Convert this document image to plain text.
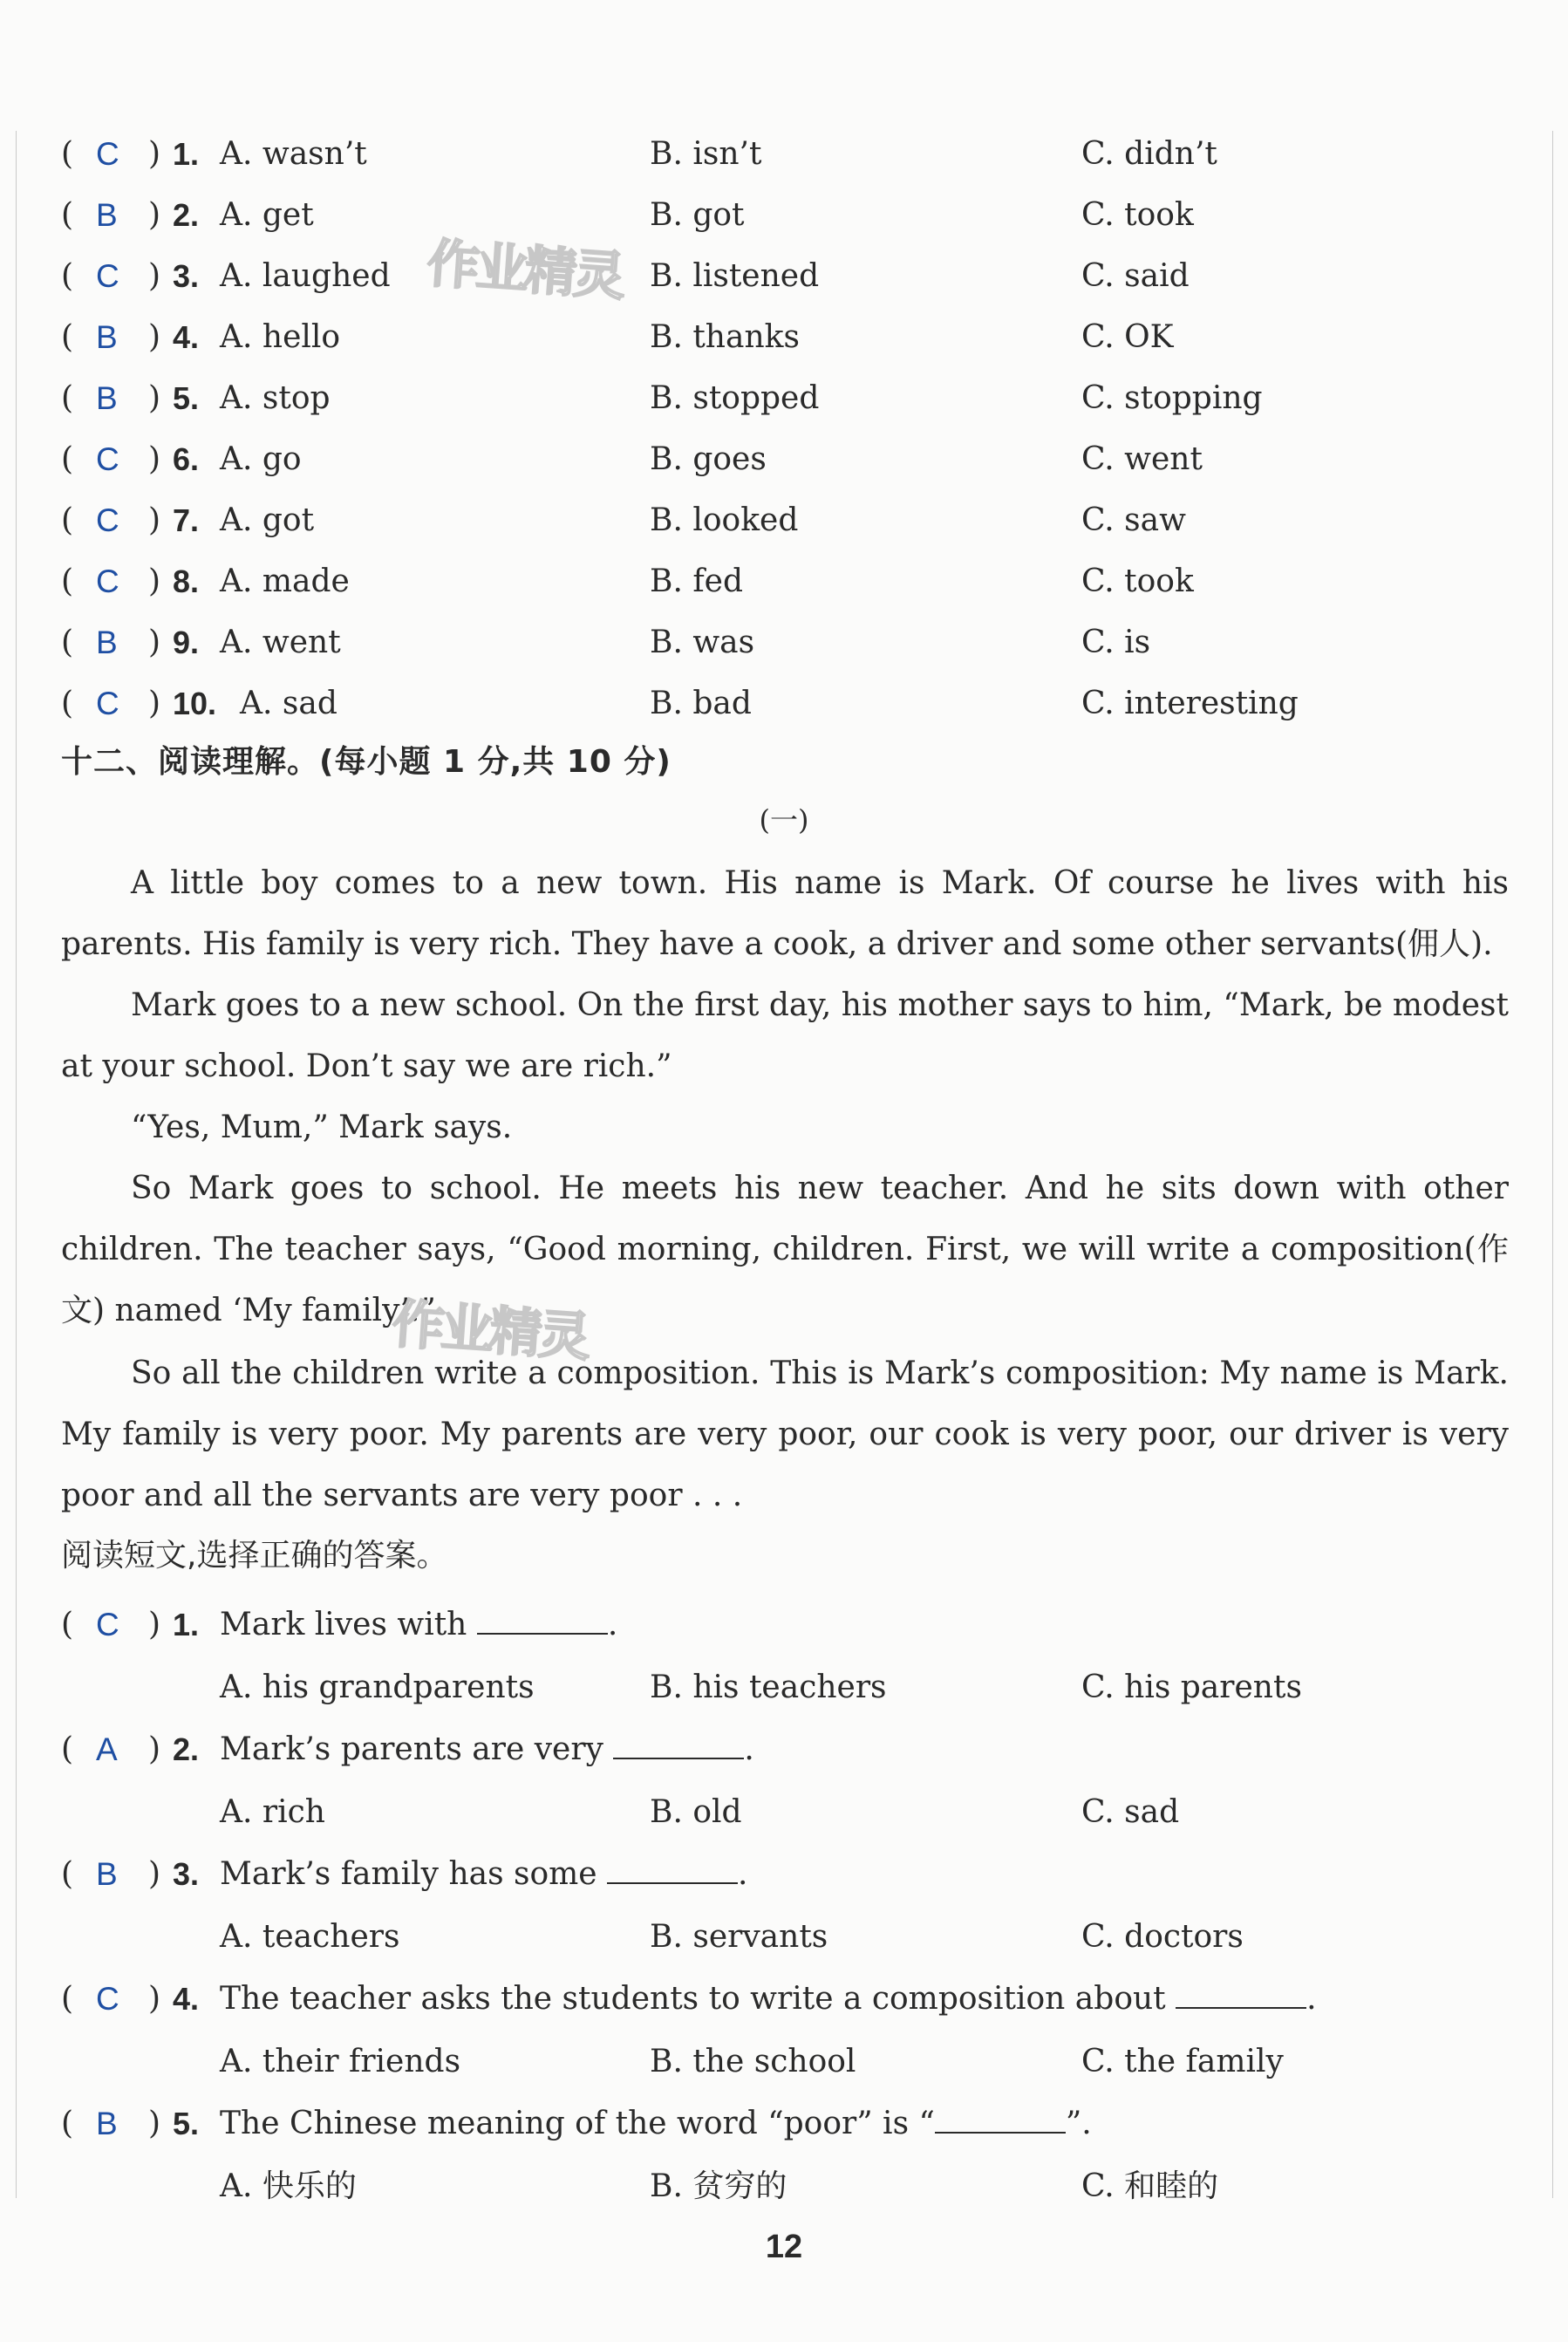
( C ) 1. A. wasn’t	B. isn’t	C. didn’t
( B ) 2. A. get	B. got	C. took
( C ) 3. A. laughed	B. listened	C. said
( B ) 4. A. hello	B. thanks	C. OK
( B ) 5. A. stop	B. stopped	C. stopping
( C ) 6. A. go	B. goes	C. went
( C ) 7. A. got	B. looked	C. saw
( C ) 8. A. made	B. fed	C. took
( B ) 9. A. went	B. was	C. is
( C ) 10. A. sad	B. bad	C. interesting
作业精灵
十二、阅读理解。(每小题 1 分,共 10 分)
(一)
A little boy comes to a new town. His name is Mark. Of course he lives with his parents. His family is very rich. They have a cook, a driver and some other servants(佣人).
Mark goes to a new school. On the first day, his mother says to him, “Mark, be modest at your school. Don’t say we are rich.”
“Yes, Mum,” Mark says.
So Mark goes to school. He meets his new teacher. And he sits down with other children. The teacher says, “Good morning, children. First, we will write a composition(作文) named ‘My family’.”
So all the children write a composition. This is Mark’s composition: My name is Mark. My family is very poor. My parents are very poor, our cook is very poor, our driver is very poor and all the servants are very poor . . .
作业精灵
阅读短文,选择正确的答案。
( C ) 1. Mark lives with	.
A. his grandparents	B. his teachers	C. his parents
( A ) 2. Mark’s parents are very	.
A. rich	B. old	C. sad
( B ) 3. Mark’s family has some	.
A. teachers	B. servants	C. doctors
( C ) 4. The teacher asks the students to write a composition about	.
A. their friends	B. the school	C. the family
( B ) 5. The Chinese meaning of the word “poor” is “	”.
A. 快乐的	B. 贫穷的	C. 和睦的
12
